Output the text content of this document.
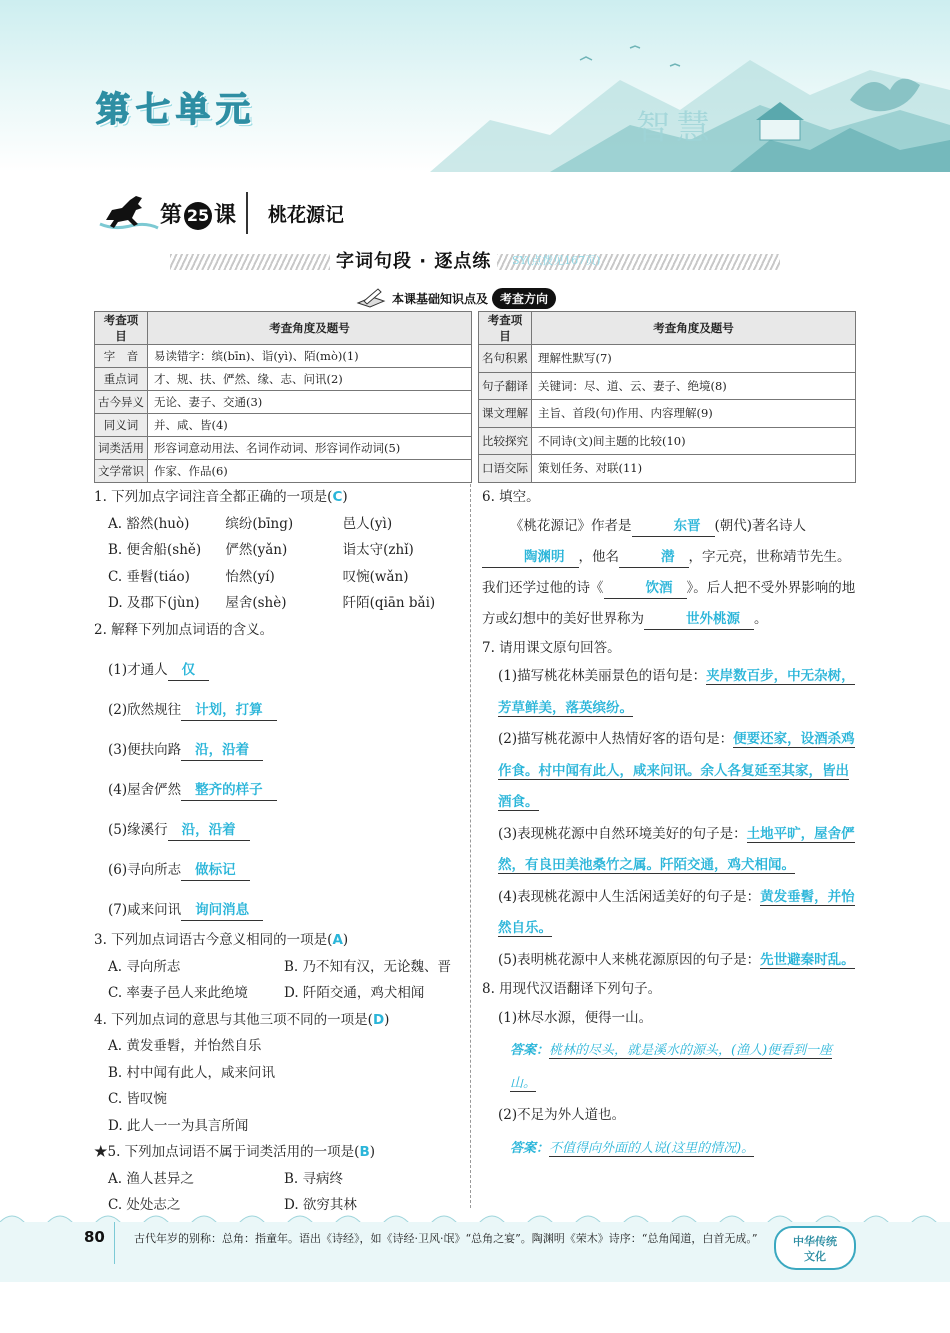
第七单元	智 慧
第 25 课 桃花源记
字词句段 · 逐点练	SY(点拨见167页)
本课基础知识点及	考查方向
考查项目	考查角度及题号
字　音	易读错字：缤(bīn)、诣(yì)、陌(mò)(1)
重点词	才、规、扶、俨然、缘、志、问讯(2)
古今异义	无论、妻子、交通(3)
同义词	并、咸、皆(4)
词类活用	形容词意动用法、名词作动词、形容词作动词(5)
文学常识	作家、作品(6)
考查项目	考查角度及题号
名句积累	理解性默写(7)
句子翻译	关键词：尽、道、云、妻子、绝境(8)
课文理解	主旨、首段(句)作用、内容理解(9)
比较探究	不同诗(文)间主题的比较(10)
口语交际	策划任务、对联(11)
1. 下列加点字词注音全都正确的一项是(C)
A. 豁然(huò)	缤纷(bīng)	邑人(yì)
B. 便舍船(shě)	俨然(yǎn)	诣太守(zhǐ)
C. 垂髫(tiáo)	怡然(yí)	叹惋(wǎn)
D. 及郡下(jùn)	屋舍(shè)	阡陌(qiān bǎi)
2. 解释下列加点词语的含义。
(1)才通人 仅
(2)欣然规往 计划，打算
(3)便扶向路 沿，沿着
(4)屋舍俨然 整齐的样子
(5)缘溪行 沿，沿着
(6)寻向所志 做标记
(7)咸来问讯 询问消息
3. 下列加点词语古今意义相同的一项是(A)
A. 寻向所志	B. 乃不知有汉，无论魏、晋
C. 率妻子邑人来此绝境	D. 阡陌交通，鸡犬相闻
4. 下列加点词的意思与其他三项不同的一项是(D)
A. 黄发垂髫，并怡然自乐
B. 村中闻有此人，咸来问讯
C. 皆叹惋
D. 此人一一为具言所闻
★5. 下列加点词语不属于词类活用的一项是(B)
A. 渔人甚异之	B. 寻病终
C. 处处志之	D. 欲穷其林
6. 填空。

《桃花源记》作者是	东晋 (朝代)著名诗人陶渊明 ，他名	潜 ，字元亮，世称靖节先生。我们还学过他的诗《	饮酒 》。后人把不受外界影响的地方或幻想中的美好世界称为	世外桃源 。

7. 请用课文原句回答。
(1)描写桃花林美丽景色的语句是：夹岸数百步，中无杂树，芳草鲜美，落英缤纷。
(2)描写桃花源中人热情好客的语句是：便要还家，设酒杀鸡作食。村中闻有此人，咸来问讯。余人各复延至其家，皆出酒食。
(3)表现桃花源中自然环境美好的句子是：土地平旷，屋舍俨然，有良田美池桑竹之属。阡陌交通，鸡犬相闻。
(4)表现桃花源中人生活闲适美好的句子是：黄发垂髫，并怡然自乐。
(5)表明桃花源中人来桃花源原因的句子是：先世避秦时乱。
8. 用现代汉语翻译下列句子。
(1)林尽水源，便得一山。
答案：桃林的尽头，就是溪水的源头，(渔人)便看到一座山。
(2)不足为外人道也。
答案：不值得向外面的人说(这里的情况)。
80	古代年岁的别称：总角：指童年。语出《诗经》，如《诗经·卫风·氓》“总角之宴”。陶渊明《荣木》诗序：“总角闻道，白首无成。”	中华传统
文化
